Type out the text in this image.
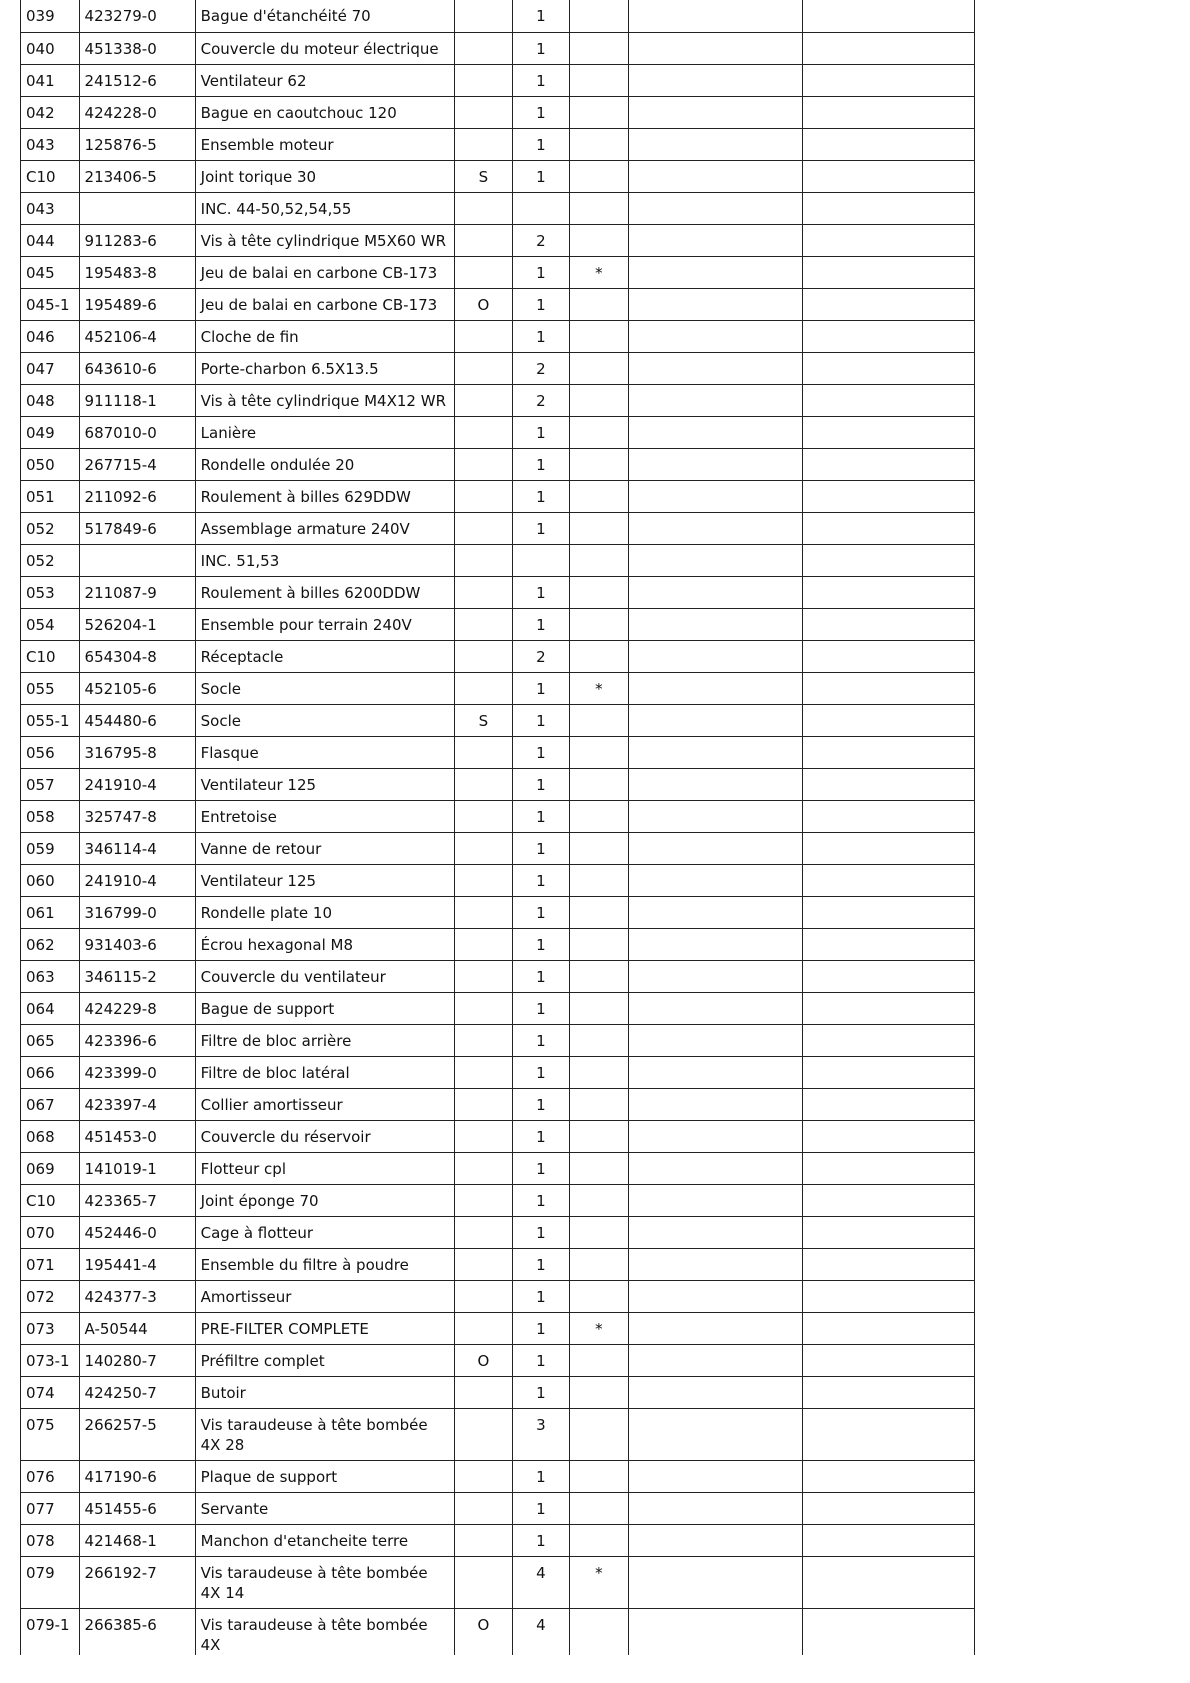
039	423279-0	Bague d'étanchéité 70		1			
040	451338-0	Couvercle du moteur électrique		1			
041	241512-6	Ventilateur 62		1			
042	424228-0	Bague en caoutchouc 120		1			
043	125876-5	Ensemble moteur		1			
C10	213406-5	Joint torique 30	S	1			
043		INC. 44-50,52,54,55					
044	911283-6	Vis à tête cylindrique M5X60 WR		2			
045	195483-8	Jeu de balai en carbone CB-173		1	*		
045-1	195489-6	Jeu de balai en carbone CB-173	O	1			
046	452106-4	Cloche de fin		1			
047	643610-6	Porte-charbon 6.5X13.5		2			
048	911118-1	Vis à tête cylindrique M4X12 WR		2			
049	687010-0	Lanière		1			
050	267715-4	Rondelle ondulée 20		1			
051	211092-6	Roulement à billes 629DDW		1			
052	517849-6	Assemblage armature 240V		1			
052		INC. 51,53					
053	211087-9	Roulement à billes 6200DDW		1			
054	526204-1	Ensemble pour terrain 240V		1			
C10	654304-8	Réceptacle		2			
055	452105-6	Socle		1	*		
055-1	454480-6	Socle	S	1			
056	316795-8	Flasque		1			
057	241910-4	Ventilateur 125		1			
058	325747-8	Entretoise		1			
059	346114-4	Vanne de retour		1			
060	241910-4	Ventilateur 125		1			
061	316799-0	Rondelle plate 10		1			
062	931403-6	Écrou hexagonal M8		1			
063	346115-2	Couvercle du ventilateur		1			
064	424229-8	Bague de support		1			
065	423396-6	Filtre de bloc arrière		1			
066	423399-0	Filtre de bloc latéral		1			
067	423397-4	Collier amortisseur		1			
068	451453-0	Couvercle du réservoir		1			
069	141019-1	Flotteur cpl		1			
C10	423365-7	Joint éponge 70		1			
070	452446-0	Cage à flotteur		1			
071	195441-4	Ensemble du filtre à poudre		1			
072	424377-3	Amortisseur		1			
073	A-50544	PRE-FILTER COMPLETE		1	*		
073-1	140280-7	Préfiltre complet	O	1			
074	424250-7	Butoir		1			
075	266257-5	Vis taraudeuse à tête bombée 4X 28		3			
076	417190-6	Plaque de support		1			
077	451455-6	Servante		1			
078	421468-1	Manchon d'etancheite terre		1			
079	266192-7	Vis taraudeuse à tête bombée 4X 14		4	*		
079-1	266385-6	Vis taraudeuse à tête bombée 4X	O	4			
